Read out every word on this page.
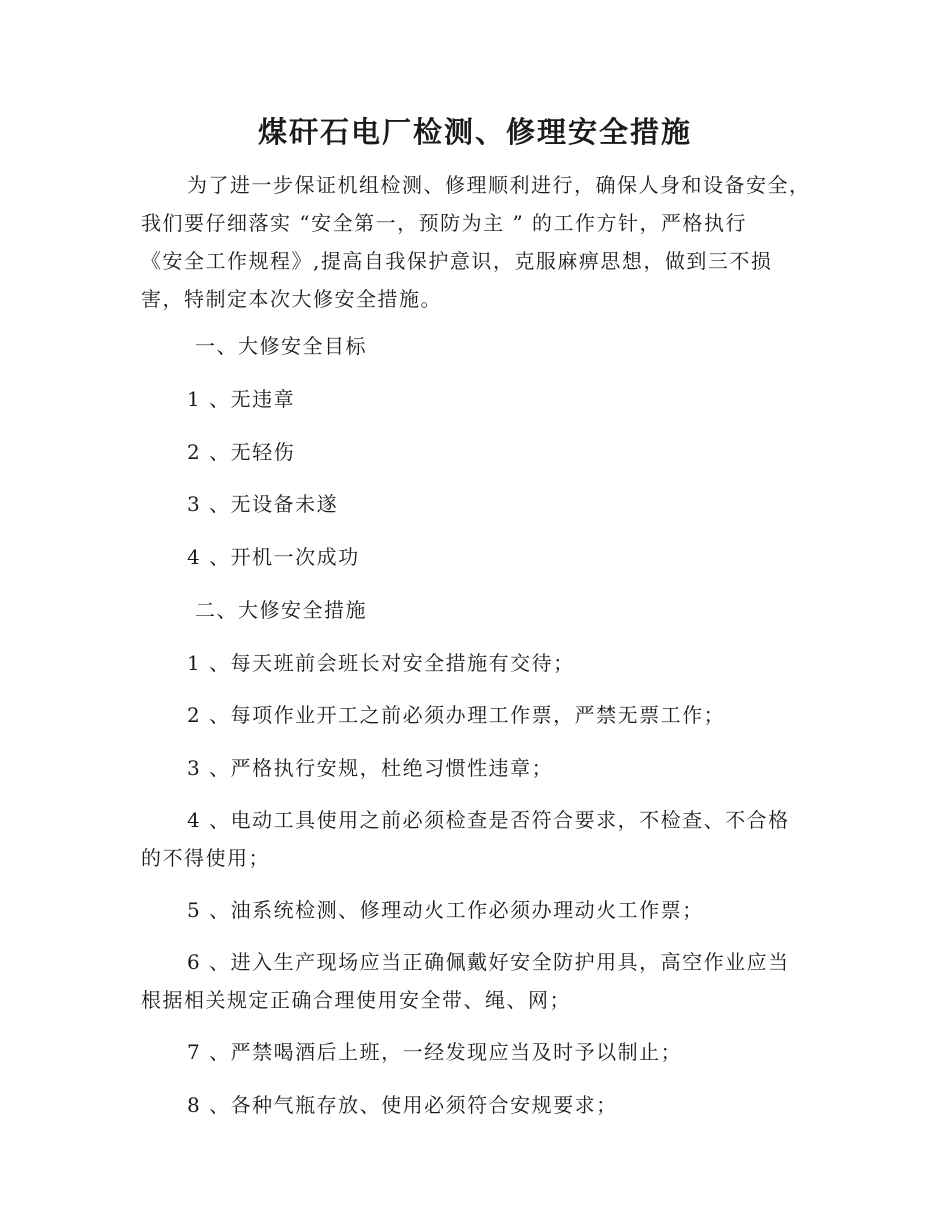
煤矸石电厂检测、修理安全措施
为了进一步保证机组检测、修理顺利进行，确保人身和设备安全，
我们要仔细落实 “安全第一，预防为主 ” 的工作方针，严格执行
《安全工作规程》,提高自我保护意识，克服麻痹思想，做到三不损
害，特制定本次大修安全措施。
一、大修安全目标
1 、无违章
2 、无轻伤
3 、无设备未遂
4 、开机一次成功
二、大修安全措施
1 、每天班前会班长对安全措施有交待；
2 、每项作业开工之前必须办理工作票，严禁无票工作；
3 、严格执行安规，杜绝习惯性违章；
4 、电动工具使用之前必须检查是否符合要求，不检查、不合格
的不得使用；
5 、油系统检测、修理动火工作必须办理动火工作票；
6 、进入生产现场应当正确佩戴好安全防护用具，高空作业应当
根据相关规定正确合理使用安全带、绳、网；
7 、严禁喝酒后上班，一经发现应当及时予以制止；
8 、各种气瓶存放、使用必须符合安规要求；
